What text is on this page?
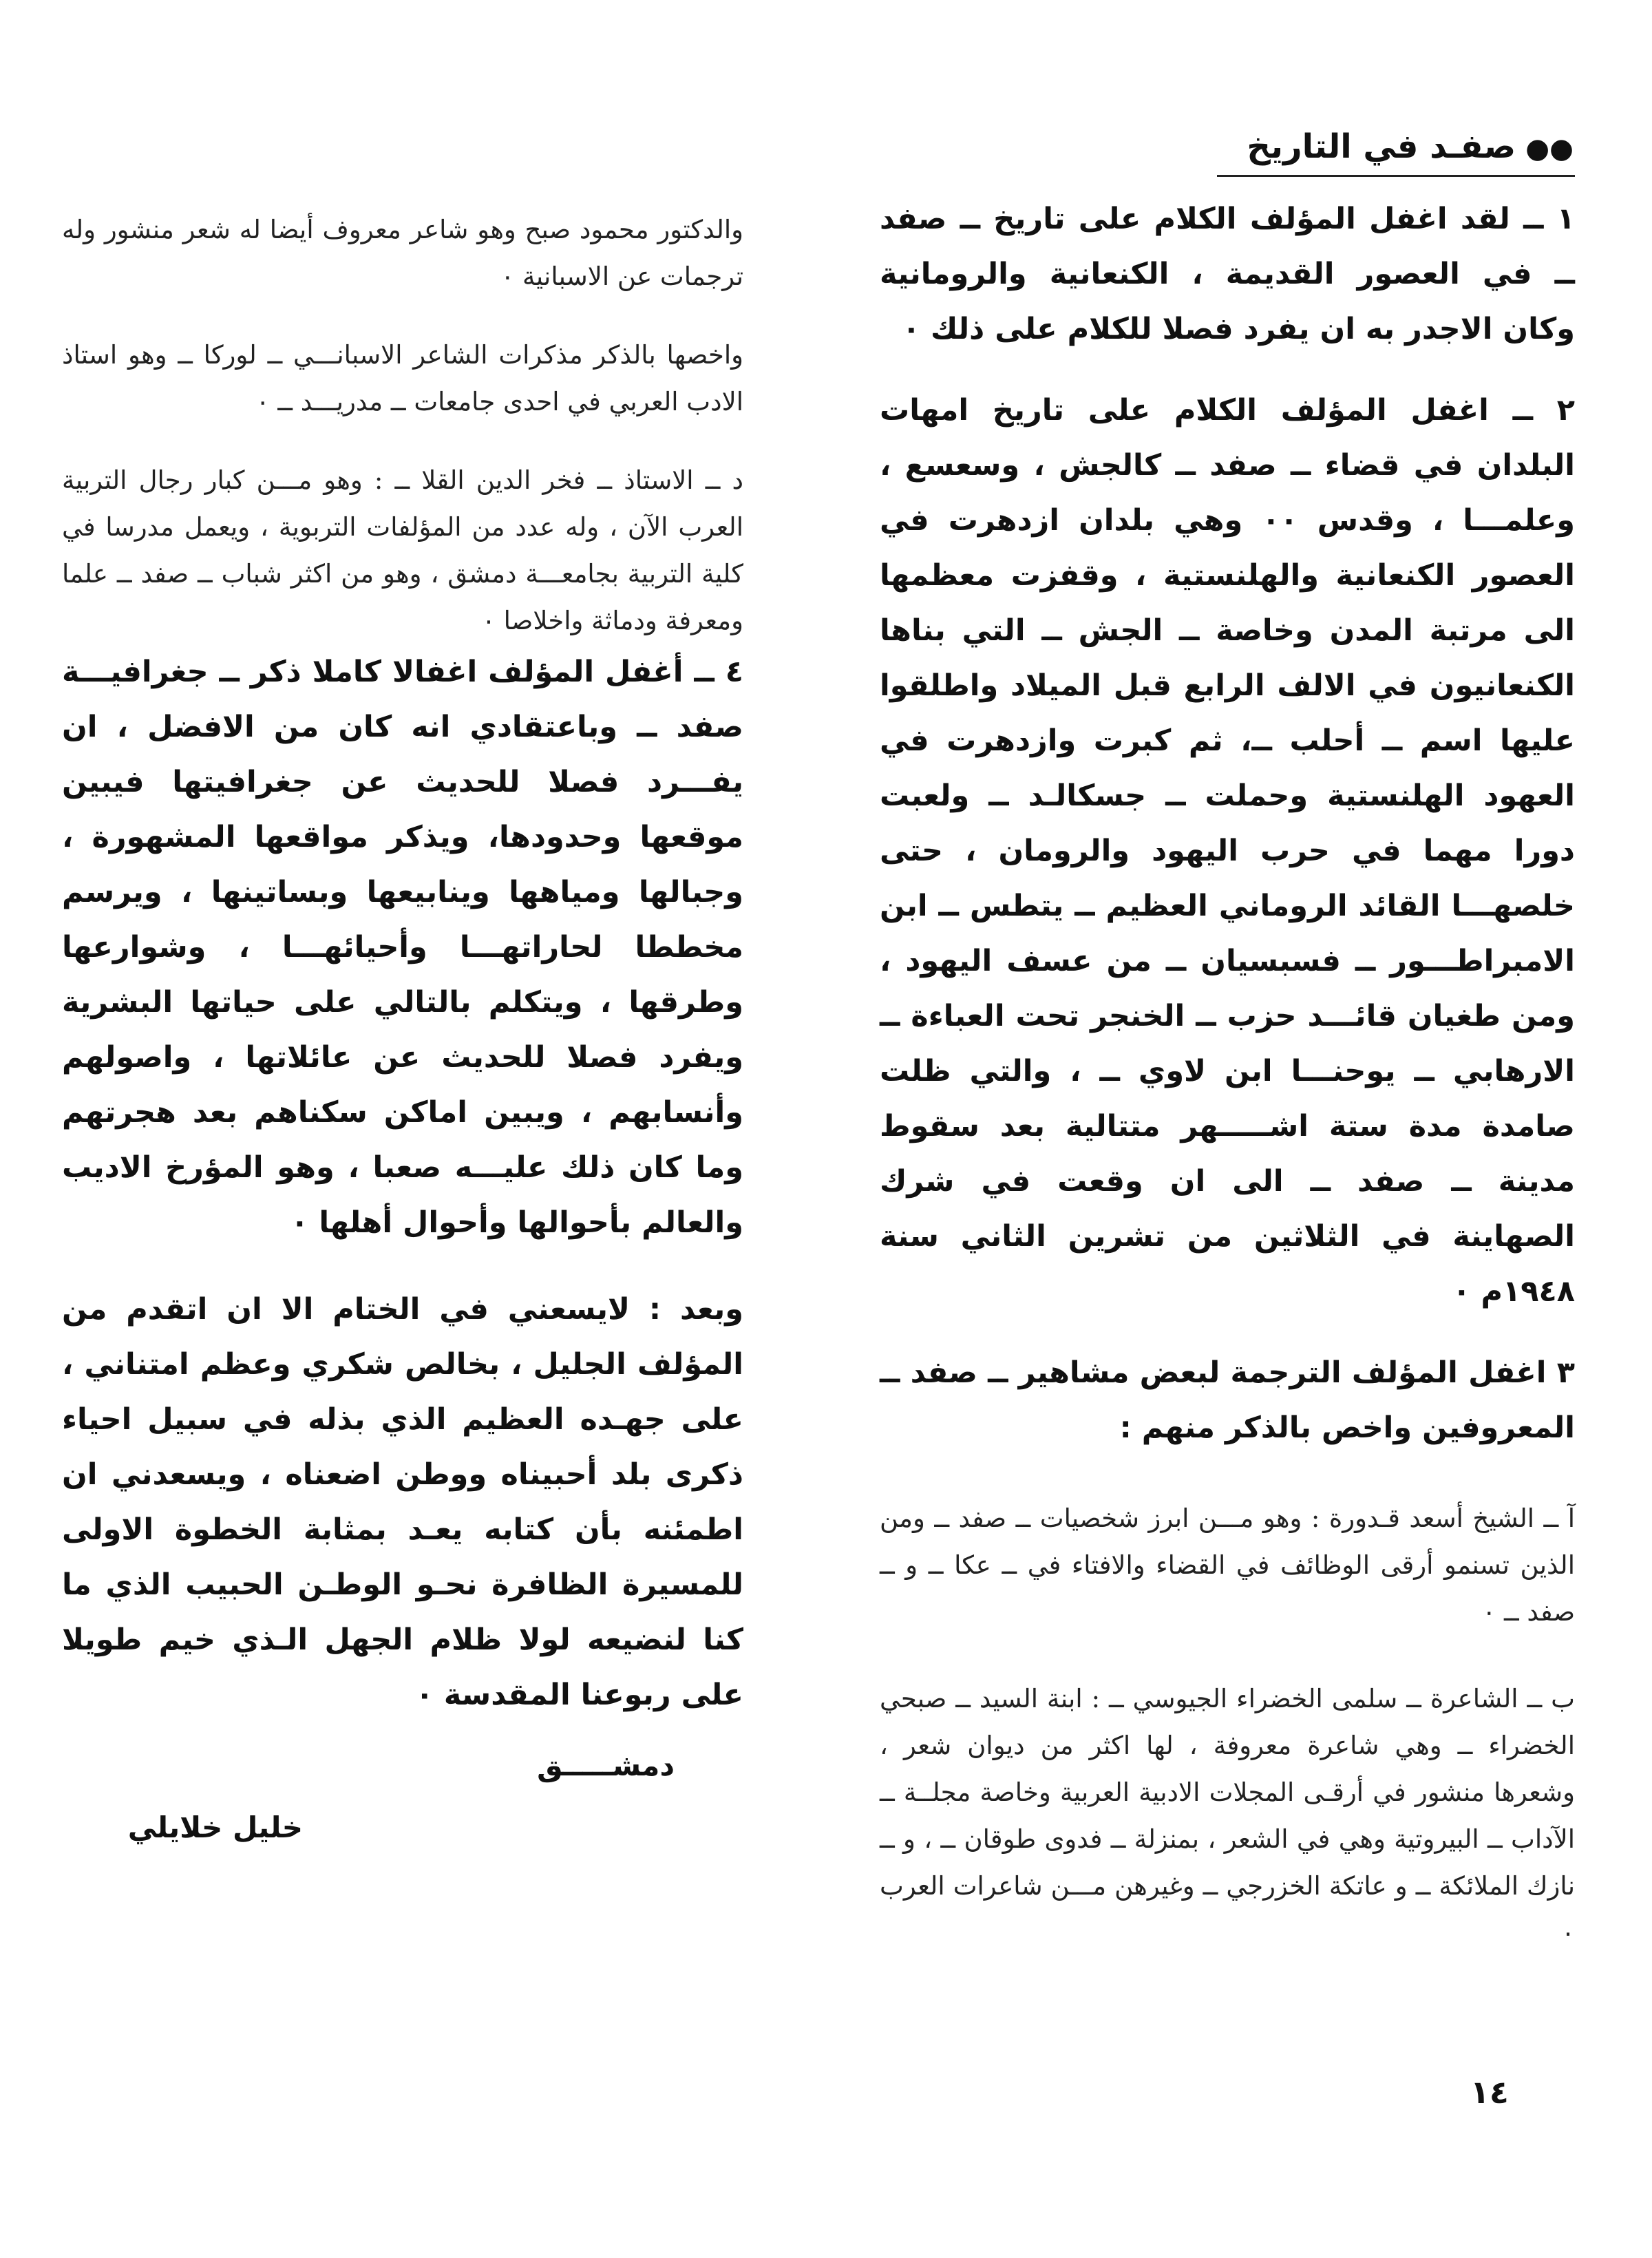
●●صفـد في التاريخ

١ ــ لقد اغفل المؤلف الكلام على تاريخ ــ صفد ــ في العصور القديمة ، الكنعانية والرومانية وكان الاجدر به ان يفرد فصلا للكلام على ذلك ٠

٢ ــ اغفل المؤلف الكلام على تاريخ امهات البلدان في قضاء ــ صفد ــ كالجش ، وسعسع ، وعلمـــا ، وقدس ٠٠ وهي بلدان ازدهرت في العصور الكنعانية والهلنستية ، وقفزت معظمها الى مرتبة المدن وخاصة ــ الجش ــ التي بناها الكنعانيون في الالف الرابع قبل الميلاد واطلقوا عليها اسم ــ أحلب ــ، ثم كبرت وازدهرت في العهود الهلنستية وحملت ــ جسكالـد ــ ولعبت دورا مهما في حرب اليهود والرومان ، حتى خلصهـــا القائد الروماني العظيم ــ يتطس ــ ابن الامبراطـــور ــ فسبسيان ــ من عسف اليهود ، ومن طغيان قائـــد حزب ــ الخنجر تحت العباءة ــ الارهابي ــ يوحنـــا ابن لاوي ــ ، والتي ظلت صامدة مدة ستة اشـــــهر متتالية بعد سقوط مدينة ــ صفد ــ الى ان وقعت في شرك الصهاينة في الثلاثين من تشرين الثاني سنة ١٩٤٨م ٠

٣ اغفل المؤلف الترجمة لبعض مشاهير ــ صفد ــ المعروفين واخص بالذكر منهم :

آ ــ الشيخ أسعد قـدورة : وهو مـــن ابرز شخصيات ــ صفد ــ ومن الذين تسنمو أرقى الوظائف في القضاء والافتاء في ــ عكا ــ و ــ صفد ــ ٠

ب ــ الشاعرة ــ سلمى الخضراء الجيوسي ــ : ابنة السيد ــ صبحي الخضراء ــ وهي شاعرة معروفة ، لها اكثر من ديوان شعر ، وشعرها منشور في أرقـى المجلات الادبية العربية وخاصة مجلــة ــ الآداب ــ البيروتية وهي في الشعر ، بمنزلة ــ فدوى طوقان ــ ، و ــ نازك الملائكة ــ و عاتكة الخزرجي ــ وغيرهن مـــن شاعرات العرب ٠

والدكتور محمود صبح وهو شاعر معروف أيضا له شعر منشور وله ترجمات عن الاسبانية ٠

واخصها بالذكر مذكرات الشاعر الاسبانـــي ــ لوركا ــ وهو استاذ الادب العربي في احدى جامعات ــ مدريـــد ــ ٠

د ــ الاستاذ ــ فخر الدين القلا ــ : وهو مـــن كبار رجال التربية العرب الآن ، وله عدد من المؤلفات التربوية ، ويعمل مدرسا في كلية التربية بجامعـــة دمشق ، وهو من اكثر شباب ــ صفد ــ علما ومعرفة ودماثة واخلاصا ٠

٤ ــ أغفل المؤلف اغفالا كاملا ذكر ــ جغرافيـــة صفد ــ وباعتقادي انه كان من الافضل ، ان يفـــرد فصلا للحديث عن جغرافيتها فيبين موقعها وحدودها، ويذكر مواقعها المشهورة ، وجبالها ومياهها وينابيعها وبساتينها ، ويرسم مخططا لحاراتهـــا وأحيائهـــا ، وشوارعها وطرقها ، ويتكلم بالتالي على حياتها البشرية ويفرد فصلا للحديث عن عائلاتها ، واصولهم وأنسابهم ، ويبين اماكن سكناهم بعد هجرتهم وما كان ذلك عليـــه صعبا ، وهو المؤرخ الاديب والعالم بأحوالها وأحوال أهلها ٠

وبعد : لايسعني في الختام الا ان اتقدم من المؤلف الجليل ، بخالص شكري وعظم امتناني ، على جهـده العظيم الذي بذله في سبيل احياء ذكرى بلد أحبيناه ووطن اضعناه ، ويسعدني ان اطمئنه بأن كتابه يعـد بمثابة الخطوة الاولى للمسيرة الظافرة نحـو الوطـن الحبيب الذي ما كنا لنضيعه لولا ظلام الجهل الـذي خيم طويلا على ربوعنا المقدسة ٠

دمشـــــق
خليل خلايلي
١٤
